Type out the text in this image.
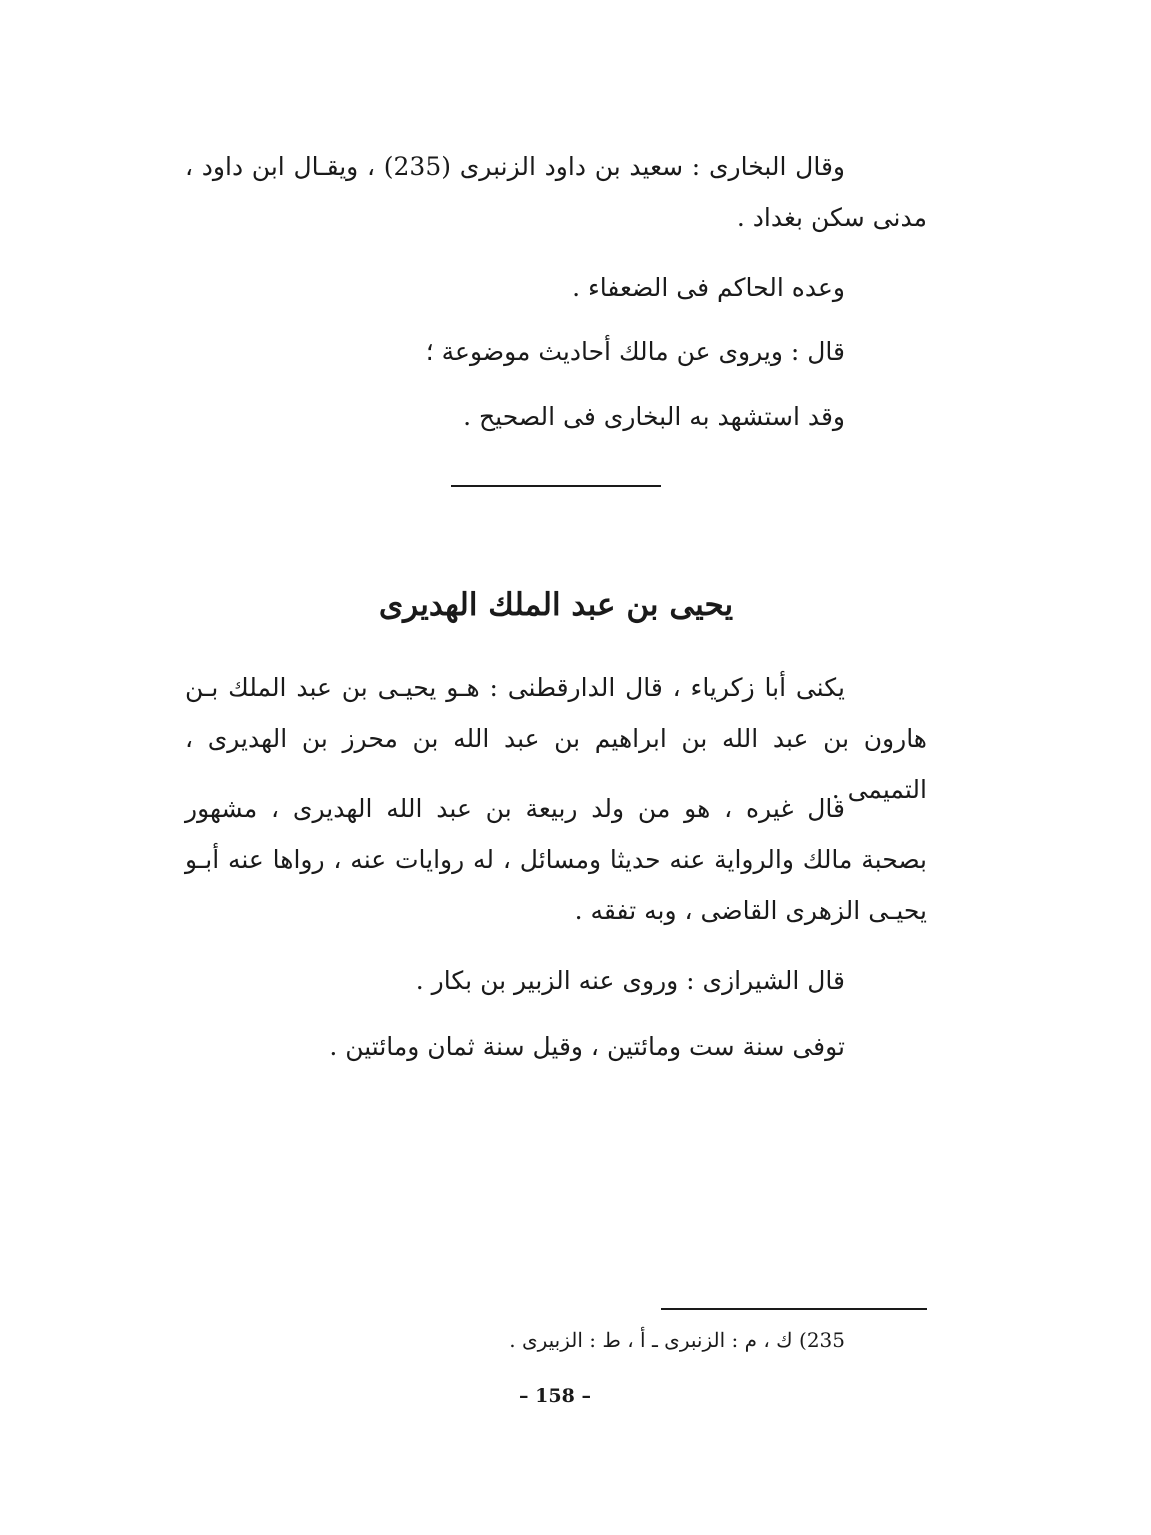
وقال البخارى : سعيد بن داود الزنبرى (235) ، ويقـال ابن داود ، مدنى سكن بغداد .

وعده الحاكم فى الضعفاء .

قال : ويروى عن مالك أحاديث موضوعة ؛

وقد استشهد به البخارى فى الصحيح .

يحيى بن عبد الملك الهديرى

يكنى أبا زكرياء ، قال الدارقطنى : هـو يحيـى بن عبد الملك بـن هارون بن عبد الله بن ابراهيم بن عبد الله بن محرز بن الهديرى ، التميمى .

قال غيره ، هو من ولد ربيعة بن عبد الله الهديرى ، مشهور بصحبة مالك والرواية عنه حديثا ومسائل ، له روايات عنه ، رواها عنه أبـو يحيـى الزهرى القاضى ، وبه تفقه .

قال الشيرازى : وروى عنه الزبير بن بكار .

توفى سنة ست ومائتين ، وقيل سنة ثمان ومائتين .

235) ك ، م : الزنبرى ـ أ ، ط : الزبيرى .

– 158 –
